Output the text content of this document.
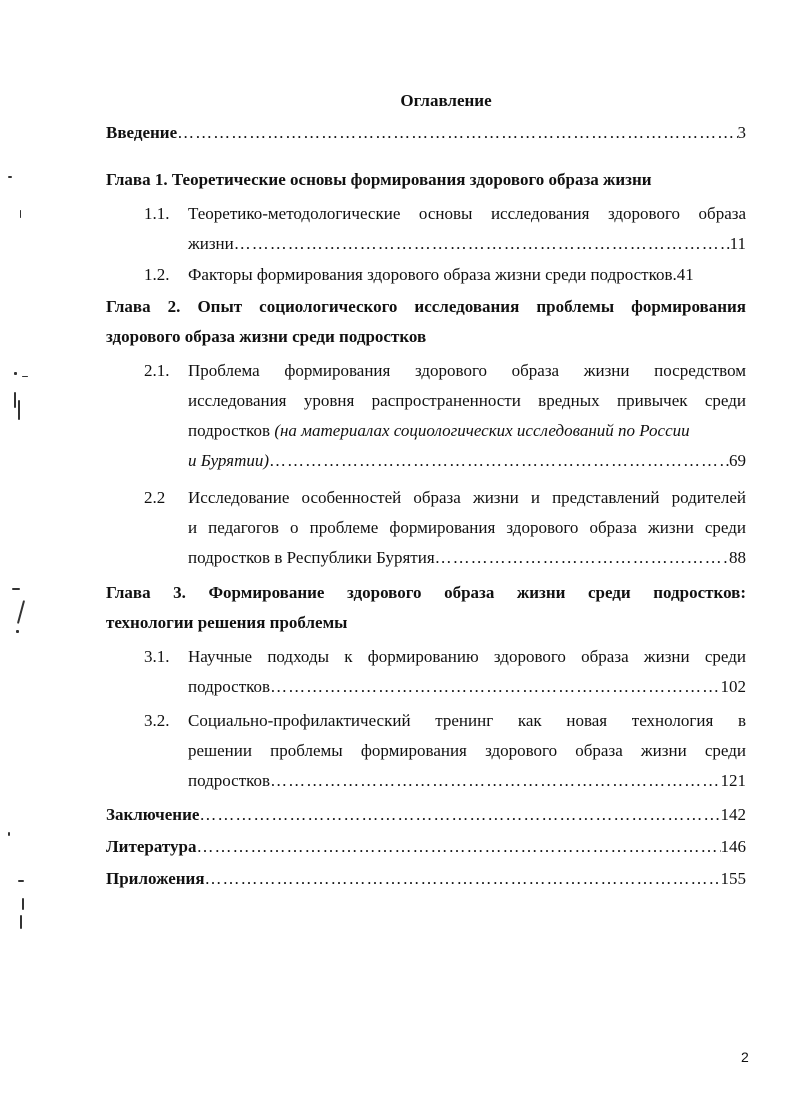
Оглавление
Введение …………………………………………………………………………………………………………………………………………………………………………	3
Глава 1. Теоретические основы формирования здорового образа жизни
1.1. Теоретико-методологические основы исследования здорового образа
жизни …………………………………………………………………………………………………………………………………………………………………………	11
1.2. Факторы формирования здорового образа жизни среди подростков. 41
Глава 2. Опыт социологического исследования проблемы формирования
здорового образа жизни среди подростков
2.1. Проблема формирования здорового образа жизни посредством
исследования уровня распространенности вредных привычек среди
подростков (на материалах социологических исследований по России
и Бурятии) …………………………………………………………………………………………………………………………………………………………………………	69
2.2 Исследование особенностей образа жизни и представлений родителей
и педагогов о проблеме формирования здорового образа жизни среди
подростков в Республики Бурятия …………………………………………………………………………………………………………………………………………………………………………	88
Глава 3. Формирование здорового образа жизни среди подростков:
технологии решения проблемы
3.1. Научные подходы к формированию здорового образа жизни среди
подростков …………………………………………………………………………………………………………………………………………………………………………	102
3.2. Социально-профилактический тренинг как новая технология в
решении проблемы формирования здорового образа жизни среди
подростков …………………………………………………………………………………………………………………………………………………………………………	121
Заключение …………………………………………………………………………………………………………………………………………………………………………	142
Литература …………………………………………………………………………………………………………………………………………………………………………	146
Приложения …………………………………………………………………………………………………………………………………………………………………………	155
2
